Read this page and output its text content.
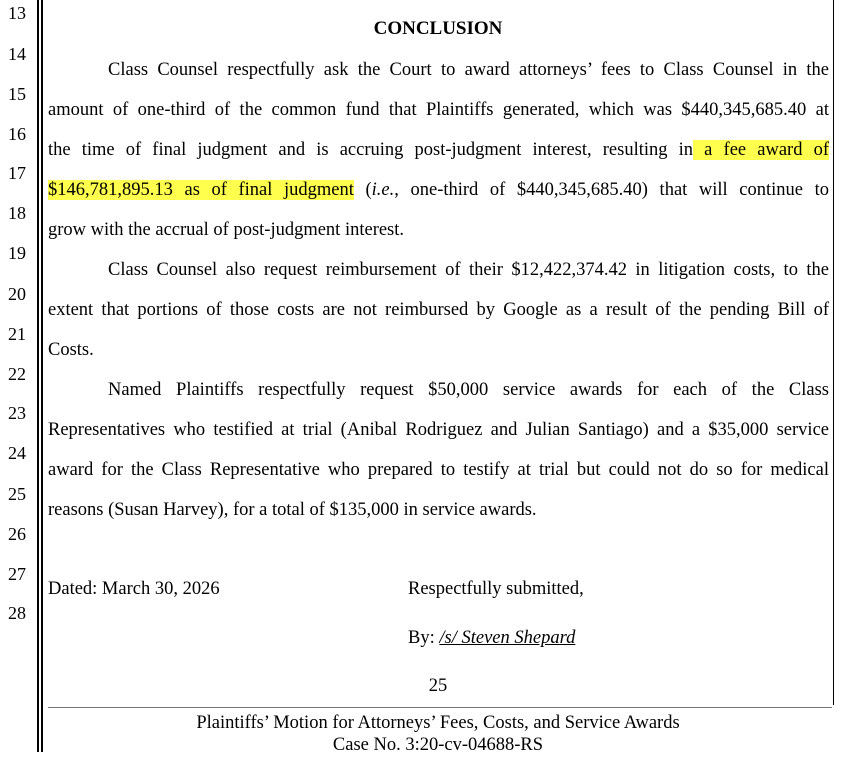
13
14
15
16
17
18
19
20
21
22
23
24
25
26
27
28
CONCLUSION
Class Counsel respectfully ask the Court to award attorneys’ fees to Class Counsel in the
amount of one-third of the common fund that Plaintiffs generated, which was $440,345,685.40 at
the time of final judgment and is accruing post-judgment interest, resulting in a fee award of
$146,781,895.13 as of final judgment (i.e., one-third of $440,345,685.40) that will continue to
grow with the accrual of post-judgment interest.
Class Counsel also request reimbursement of their $12,422,374.42 in litigation costs, to the
extent that portions of those costs are not reimbursed by Google as a result of the pending Bill of
Costs.
Named Plaintiffs respectfully request $50,000 service awards for each of the Class
Representatives who testified at trial (Anibal Rodriguez and Julian Santiago) and a $35,000 service
award for the Class Representative who prepared to testify at trial but could not do so for medical
reasons (Susan Harvey), for a total of $135,000 in service awards.
Dated: March 30, 2026	Respectfully submitted,
By: /s/ Steven Shepard
25
Plaintiffs’ Motion for Attorneys’ Fees, Costs, and Service Awards
Case No. 3:20-cv-04688-RS
